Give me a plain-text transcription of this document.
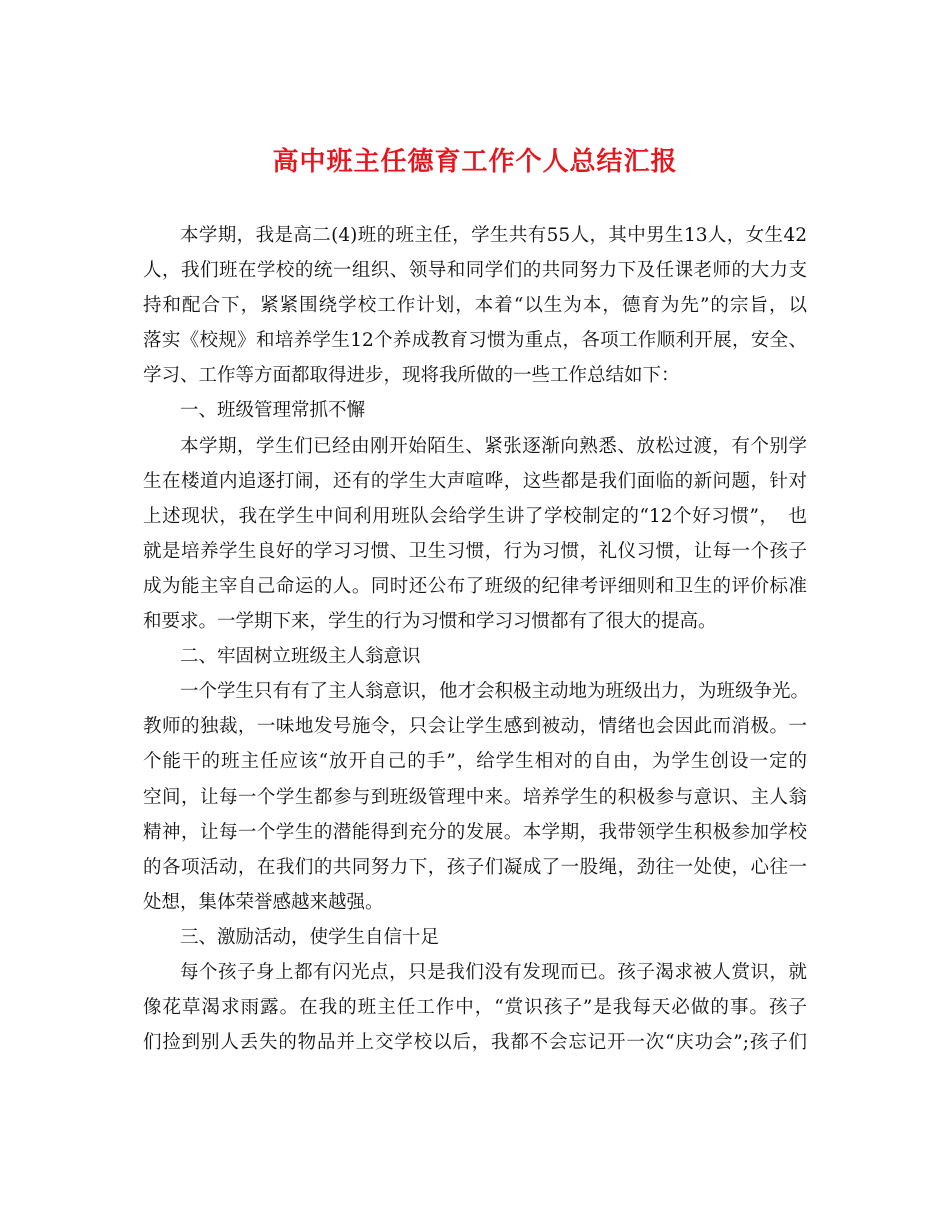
高中班主任德育工作个人总结汇报
本学期，我是高二(4)班的班主任，学生共有55人，其中男生13人，女生42
人，我们班在学校的统一组织、领导和同学们的共同努力下及任课老师的大力支
持和配合下，紧紧围绕学校工作计划，本着“以生为本，德育为先”的宗旨，以
落实《校规》和培养学生12个养成教育习惯为重点，各项工作顺利开展，安全、
学习、工作等方面都取得进步，现将我所做的一些工作总结如下：
一、班级管理常抓不懈
本学期，学生们已经由刚开始陌生、紧张逐渐向熟悉、放松过渡，有个别学
生在楼道内追逐打闹，还有的学生大声喧哗，这些都是我们面临的新问题，针对
上述现状，我在学生中间利用班队会给学生讲了学校制定的“12个好习惯”，　也
就是培养学生良好的学习习惯、卫生习惯，行为习惯，礼仪习惯，让每一个孩子
成为能主宰自己命运的人。同时还公布了班级的纪律考评细则和卫生的评价标准
和要求。一学期下来，学生的行为习惯和学习习惯都有了很大的提高。
二、牢固树立班级主人翁意识
一个学生只有有了主人翁意识，他才会积极主动地为班级出力，为班级争光。
教师的独裁，一味地发号施令，只会让学生感到被动，情绪也会因此而消极。一
个能干的班主任应该“放开自己的手”，给学生相对的自由，为学生创设一定的
空间，让每一个学生都参与到班级管理中来。培养学生的积极参与意识、主人翁
精神，让每一个学生的潜能得到充分的发展。本学期，我带领学生积极参加学校
的各项活动，在我们的共同努力下，孩子们凝成了一股绳，劲往一处使，心往一
处想，集体荣誉感越来越强。
三、激励活动，使学生自信十足
每个孩子身上都有闪光点，只是我们没有发现而已。孩子渴求被人赏识，就
像花草渴求雨露。在我的班主任工作中，“赏识孩子”是我每天必做的事。孩子
们捡到别人丢失的物品并上交学校以后，我都不会忘记开一次“庆功会”;孩子们
